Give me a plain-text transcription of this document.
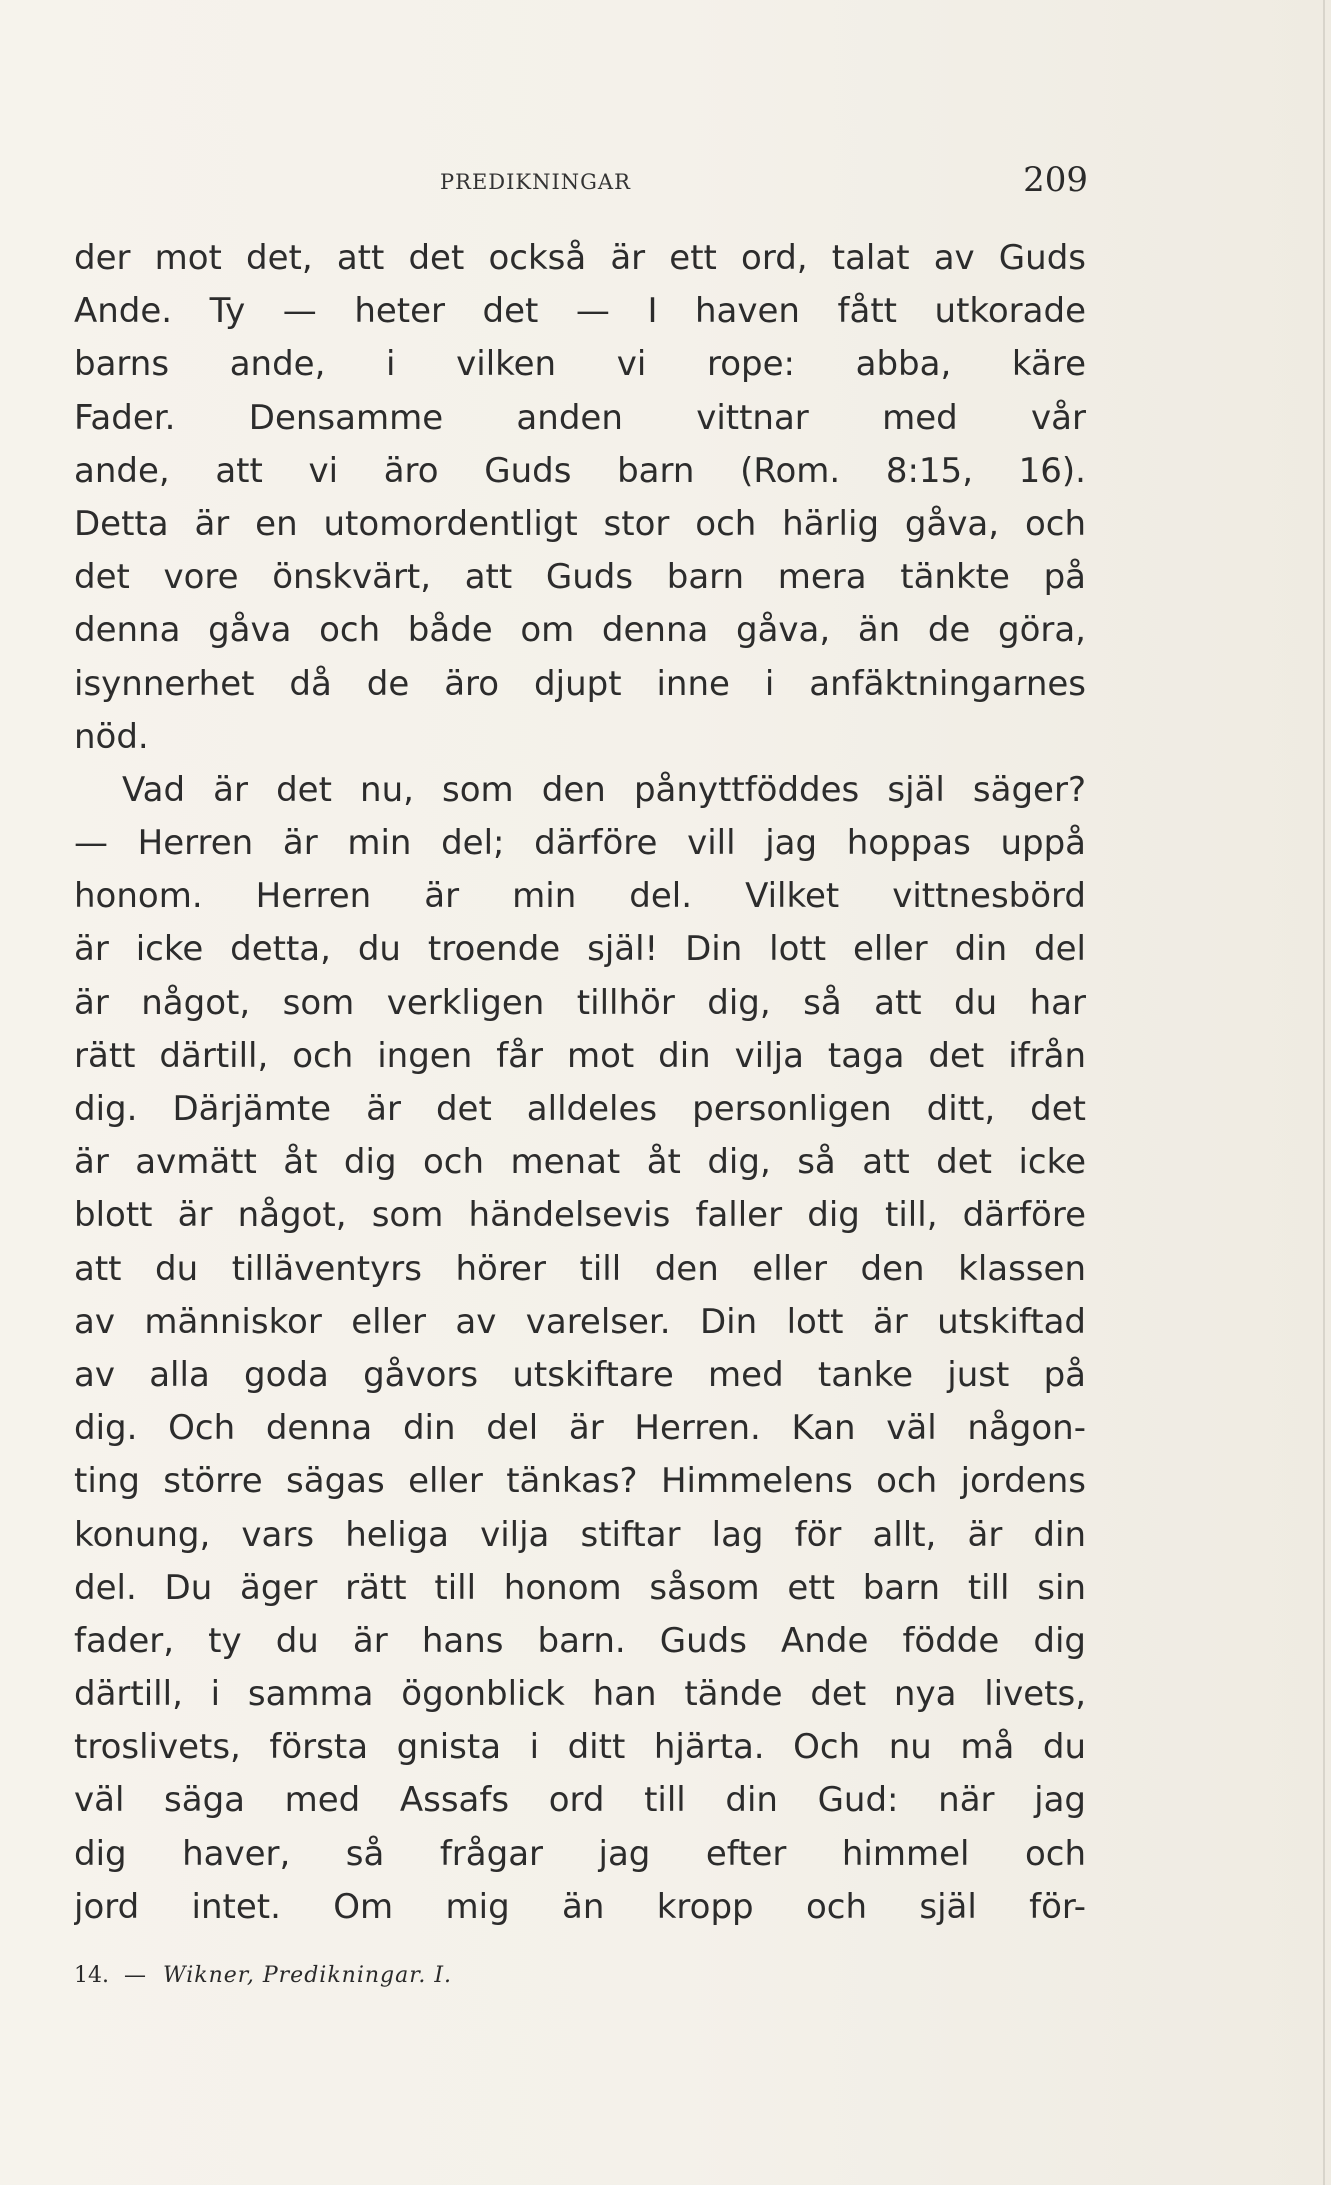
PREDIKNINGAR	209
der mot det, att det också är ett ord, talat av Guds
Ande. Ty — heter det — I haven fått utkorade
barns ande, i vilken vi rope: abba, käre
Fader. Densamme anden vittnar med vår
ande, att vi äro Guds barn (Rom. 8:15, 16).
Detta är en utomordentligt stor och härlig gåva, och
det vore önskvärt, att Guds barn mera tänkte på
denna gåva och både om denna gåva, än de göra,
isynnerhet då de äro djupt inne i anfäktningarnes
nöd.
Vad är det nu, som den pånyttföddes själ säger?
— Herren är min del; därföre vill jag hoppas uppå
honom. Herren är min del. Vilket vittnesbörd
är icke detta, du troende själ! Din lott eller din del
är något, som verkligen tillhör dig, så att du har
rätt därtill, och ingen får mot din vilja taga det ifrån
dig. Därjämte är det alldeles personligen ditt, det
är avmätt åt dig och menat åt dig, så att det icke
blott är något, som händelsevis faller dig till, därföre
att du tilläventyrs hörer till den eller den klassen
av människor eller av varelser. Din lott är utskiftad
av alla goda gåvors utskiftare med tanke just på
dig. Och denna din del är Herren. Kan väl någon-
ting större sägas eller tänkas? Himmelens och jordens
konung, vars heliga vilja stiftar lag för allt, är din
del. Du äger rätt till honom såsom ett barn till sin
fader, ty du är hans barn. Guds Ande födde dig
därtill, i samma ögonblick han tände det nya livets,
troslivets, första gnista i ditt hjärta. Och nu må du
väl säga med Assafs ord till din Gud: när jag
dig haver, så frågar jag efter himmel och
jord intet. Om mig än kropp och själ för-
14. — Wikner, Predikningar. I.
